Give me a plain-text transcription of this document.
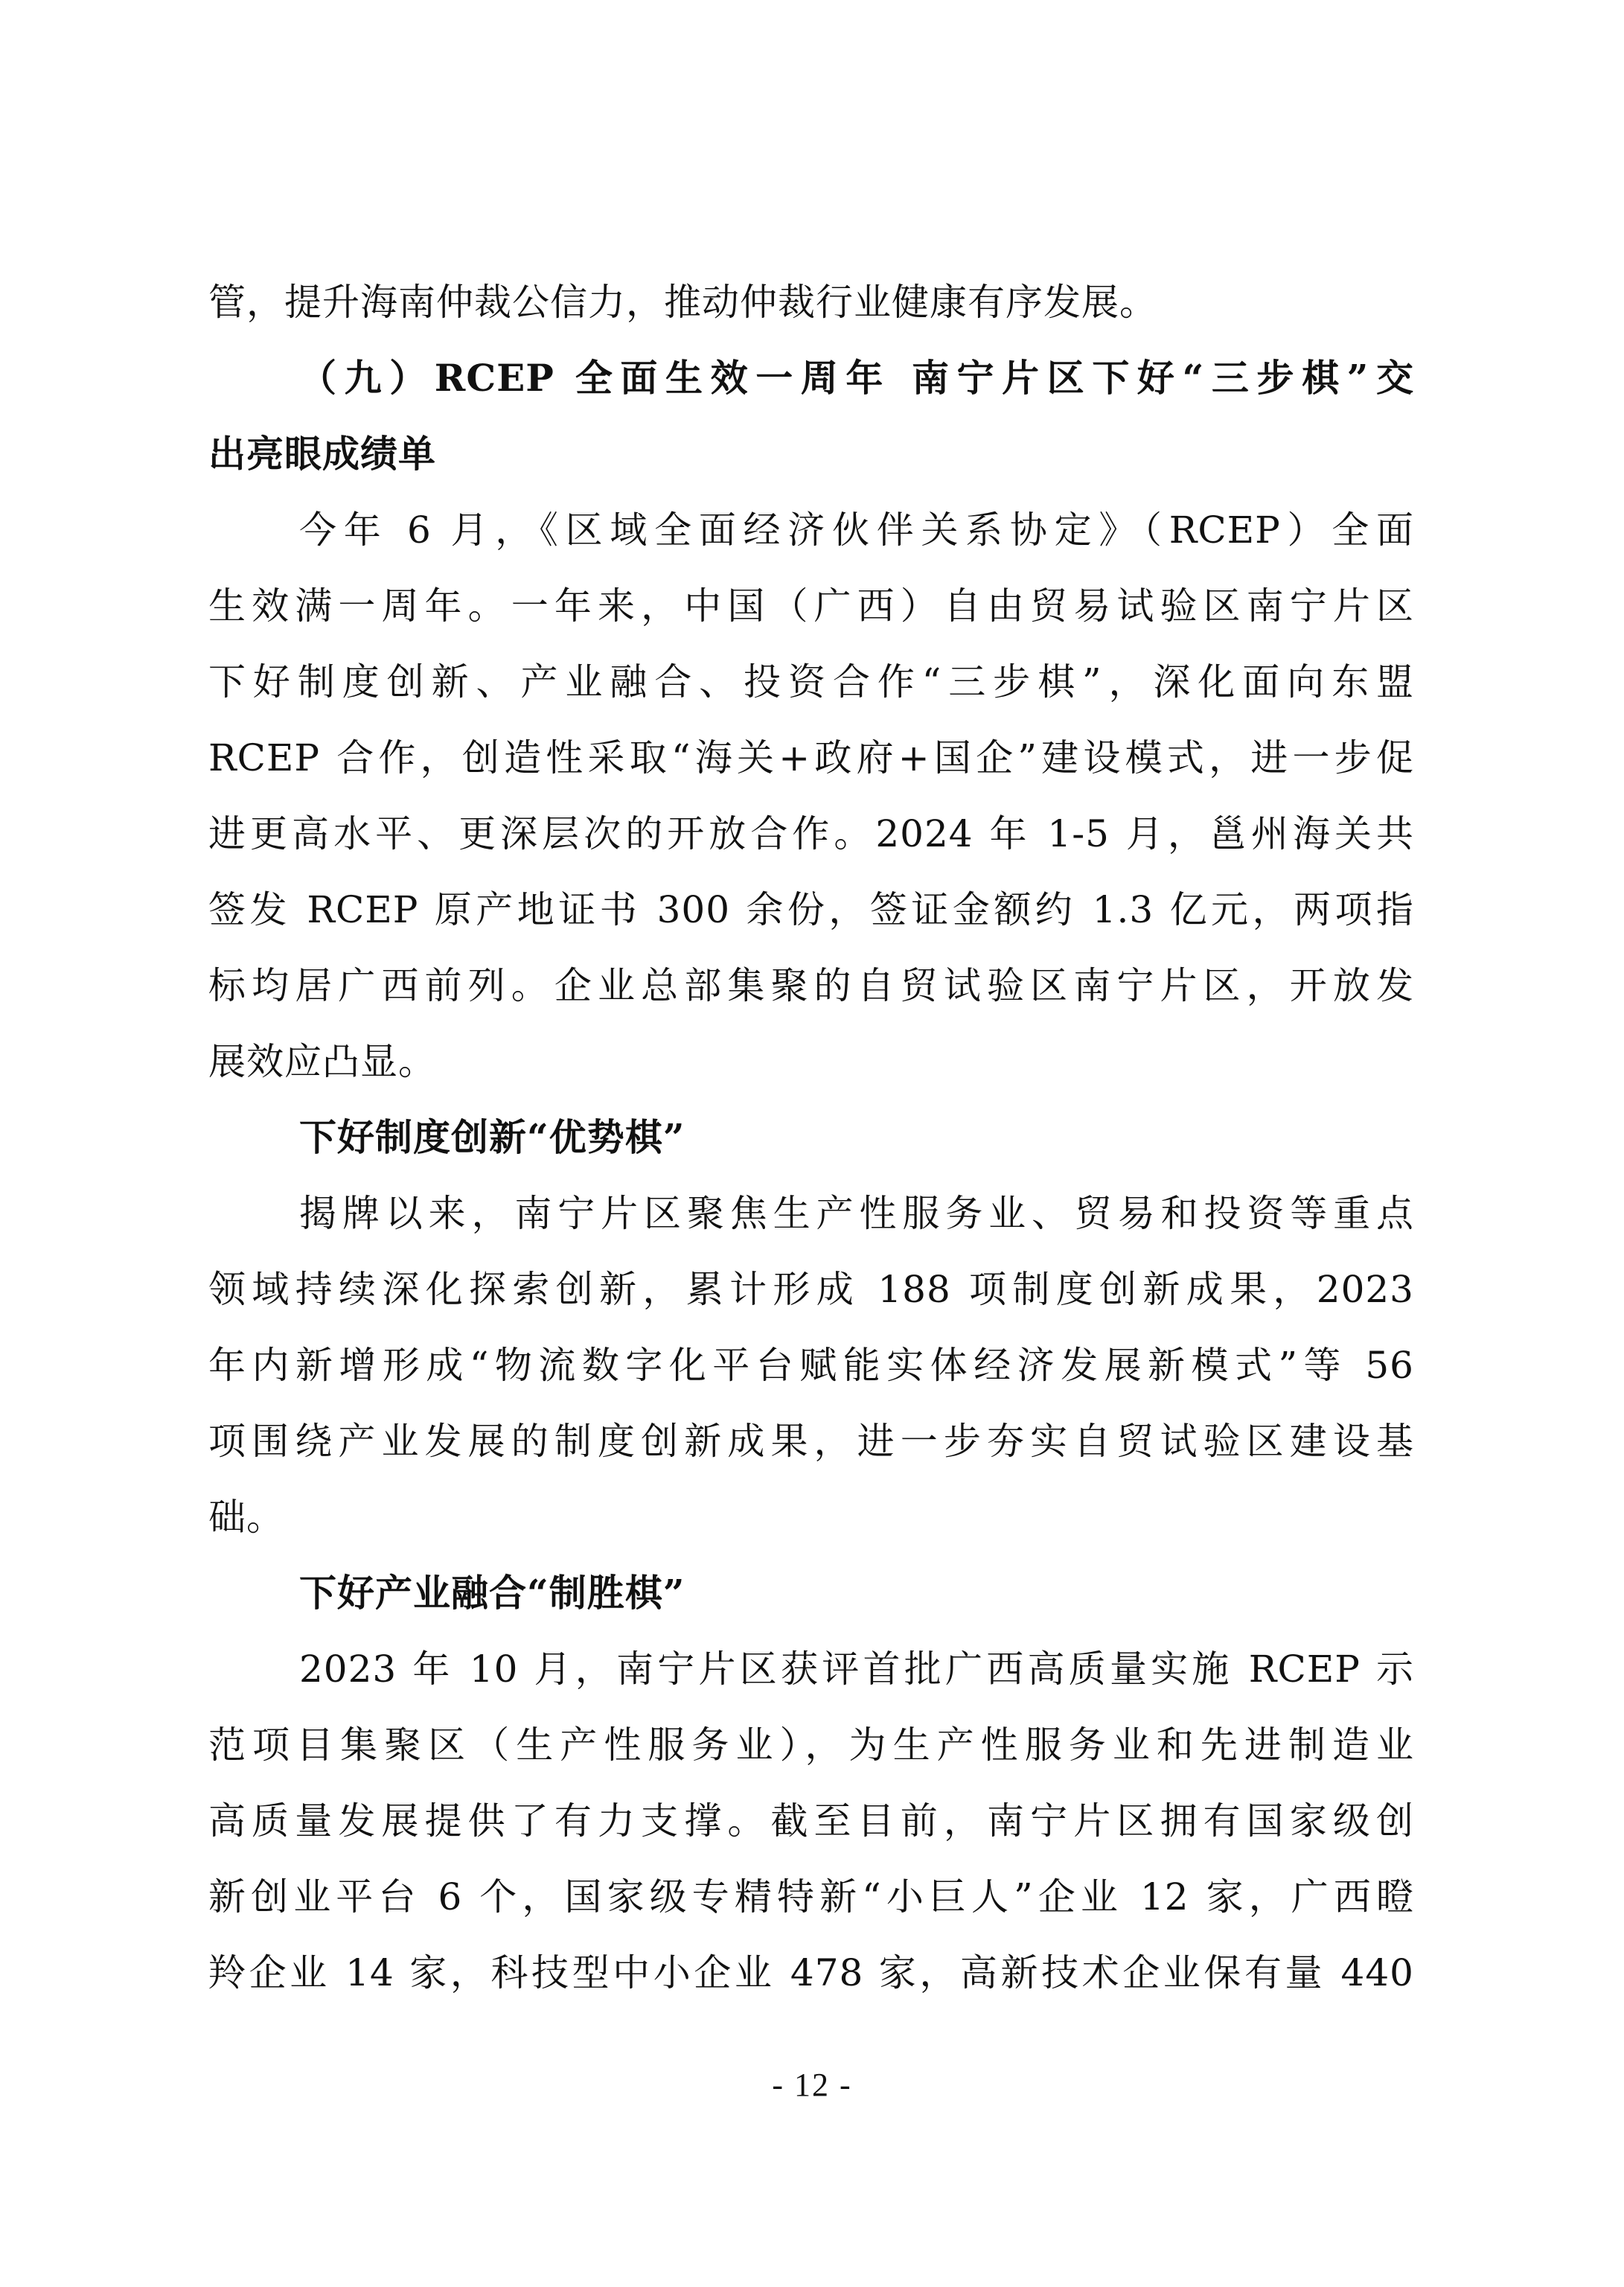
管，提升海南仲裁公信力，推动仲裁行业健康有序发展。
（九）RCEP 全面生效一周年 南宁片区下好“三步棋”交
出亮眼成绩单
今年 6 月，《区域全面经济伙伴关系协定》（RCEP）全面
生效满一周年。一年来，中国（广西）自由贸易试验区南宁片区
下好制度创新、产业融合、投资合作“三步棋”，深化面向东盟
RCEP 合作，创造性采取“海关+政府+国企”建设模式，进一步促
进更高水平、更深层次的开放合作。2024 年 1-5 月，邕州海关共
签发 RCEP 原产地证书 300 余份，签证金额约 1.3 亿元，两项指
标均居广西前列。企业总部集聚的自贸试验区南宁片区，开放发
展效应凸显。
下好制度创新“优势棋”
揭牌以来，南宁片区聚焦生产性服务业、贸易和投资等重点
领域持续深化探索创新，累计形成 188 项制度创新成果，2023
年内新增形成“物流数字化平台赋能实体经济发展新模式”等 56
项围绕产业发展的制度创新成果，进一步夯实自贸试验区建设基
础。
下好产业融合“制胜棋”
2023 年 10 月，南宁片区获评首批广西高质量实施 RCEP 示
范项目集聚区（生产性服务业），为生产性服务业和先进制造业
高质量发展提供了有力支撑。截至目前，南宁片区拥有国家级创
新创业平台 6 个，国家级专精特新“小巨人”企业 12 家，广西瞪
羚企业 14 家，科技型中小企业 478 家，高新技术企业保有量 440
- 12 -
